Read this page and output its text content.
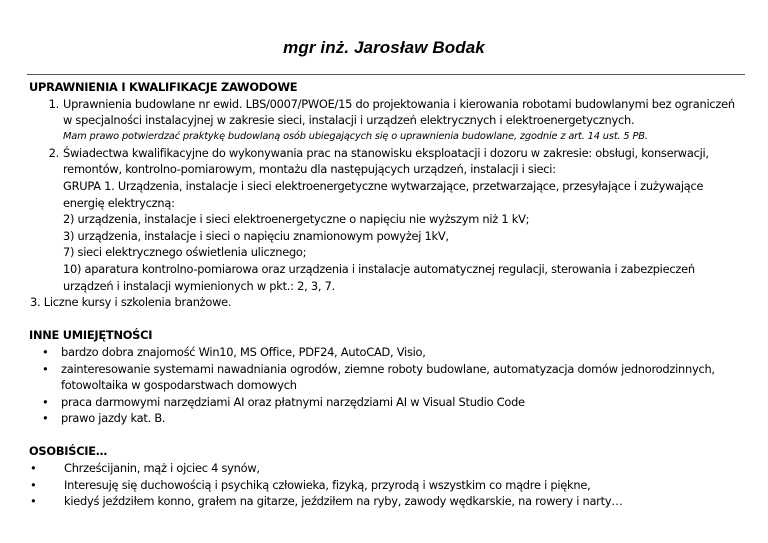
mgr inż. Jarosław Bodak

UPRAWNIENIA I KWALIFIKACJE ZAWODOWE

1. Uprawnienia budowlane nr ewid. LBS/0007/PWOE/15 do projektowania i kierowania robotami budowlanymi bez ograniczeń w specjalności instalacyjnej w zakresie sieci, instalacji i urządzeń elektrycznych i elektroenergetycznych.

Mam prawo potwierdzać praktykę budowlaną osób ubiegających się o uprawnienia budowlane, zgodnie z art. 14 ust. 5 PB.

2. Świadectwa kwalifikacyjne do wykonywania prac na stanowisku eksploatacji i dozoru w zakresie: obsługi, konserwacji, remontów, kontrolno-pomiarowym, montażu dla następujących urządzeń, instalacji i sieci:

GRUPA 1. Urządzenia, instalacje i sieci elektroenergetyczne wytwarzające, przetwarzające, przesyłające i zużywające energię elektryczną:

2) urządzenia, instalacje i sieci elektroenergetyczne o napięciu nie wyższym niż 1 kV;

3) urządzenia, instalacje i sieci o napięciu znamionowym powyżej 1kV,

7) sieci elektrycznego oświetlenia ulicznego;

10) aparatura kontrolno-pomiarowa oraz urządzenia i instalacje automatycznej regulacji, sterowania i zabezpieczeń urządzeń i instalacji wymienionych w pkt.: 2, 3, 7.

3. Liczne kursy i szkolenia branżowe.

INNE UMIEJĘTNOŚCI

•	bardzo dobra znajomość Win10, MS Office, PDF24, AutoCAD, Visio,
•	zainteresowanie systemami nawadniania ogrodów, ziemne roboty budowlane, automatyzacja domów jednorodzinnych, fotowoltaika w gospodarstwach domowych
•	praca darmowymi narzędziami AI oraz płatnymi narzędziami AI w Visual Studio Code
•	prawo jazdy kat. B.

OSOBIŚCIE…

•	Chrześcijanin, mąż i ojciec 4 synów,
•	Interesuję się duchowością i psychiką człowieka, fizyką, przyrodą i wszystkim co mądre i piękne,
•	kiedyś jeździłem konno, grałem na gitarze, jeździłem na ryby, zawody wędkarskie, na rowery i narty…
